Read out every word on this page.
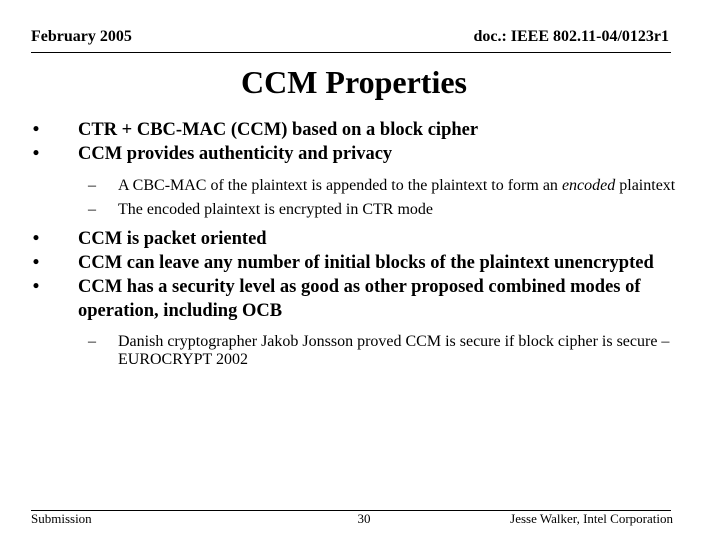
February 2005	doc.: IEEE 802.11-04/0123r1
CCM Properties
• CTR + CBC-MAC (CCM) based on a block cipher
• CCM provides authenticity and privacy
– A CBC-MAC of the plaintext is appended to the plaintext to form an encoded plaintext
– The encoded plaintext is encrypted in CTR mode
• CCM is packet oriented
• CCM can leave any number of initial blocks of the plaintext unencrypted
• CCM has a security level as good as other proposed combined modes of operation, including OCB
– Danish cryptographer Jakob Jonsson proved CCM is secure if block cipher is secure – EUROCRYPT 2002
Submission	30	Jesse Walker, Intel Corporation
